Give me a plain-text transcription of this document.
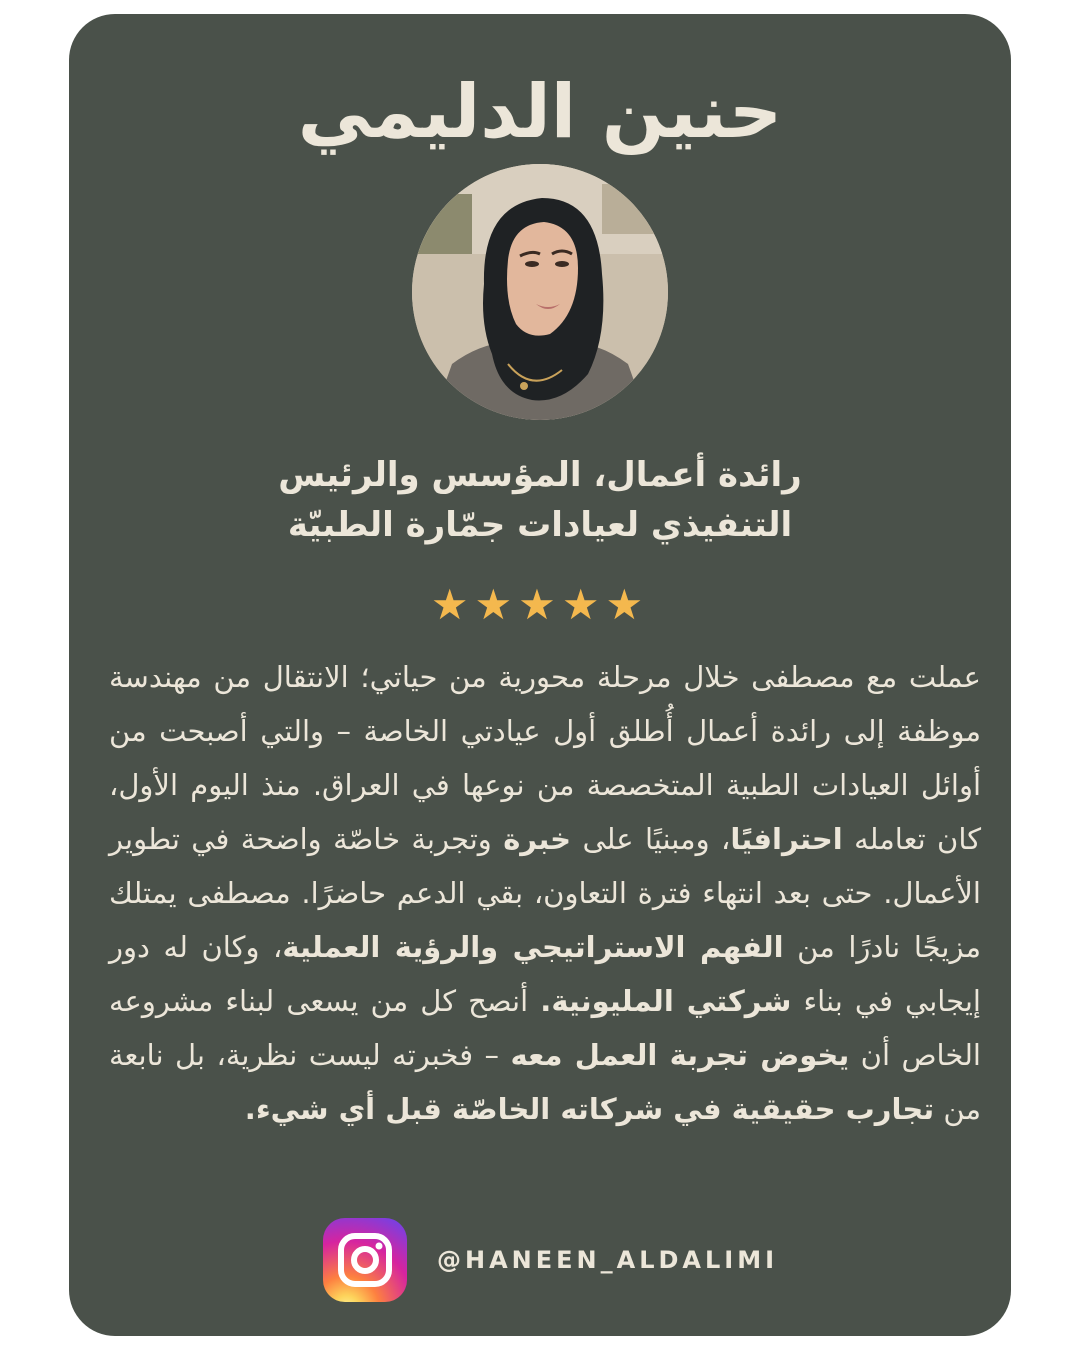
حنين الدليمي
رائدة أعمال، المؤسس والرئيس
التنفيذي لعيادات جمّارة الطبيّة
★★★★★
عملت مع مصطفى خلال مرحلة محورية من حياتي؛ الانتقال من مهندسة موظفة إلى رائدة أعمال أُطلق أول عيادتي الخاصة – والتي أصبحت من أوائل العيادات الطبية المتخصصة من نوعها في العراق. منذ اليوم الأول، كان تعامله احترافيًا، ومبنيًا على خبرة وتجربة خاصّة واضحة في تطوير الأعمال. حتى بعد انتهاء فترة التعاون، بقي الدعم حاضرًا. مصطفى يمتلك مزيجًا نادرًا من الفهم الاستراتيجي والرؤية العملية، وكان له دور إيجابي في بناء شركتي المليونية. أنصح كل من يسعى لبناء مشروعه الخاص أن يخوض تجربة العمل معه – فخبرته ليست نظرية، بل نابعة من تجارب حقيقية في شركاته الخاصّة قبل أي شيء.
@HANEEN_ALDALIMI
